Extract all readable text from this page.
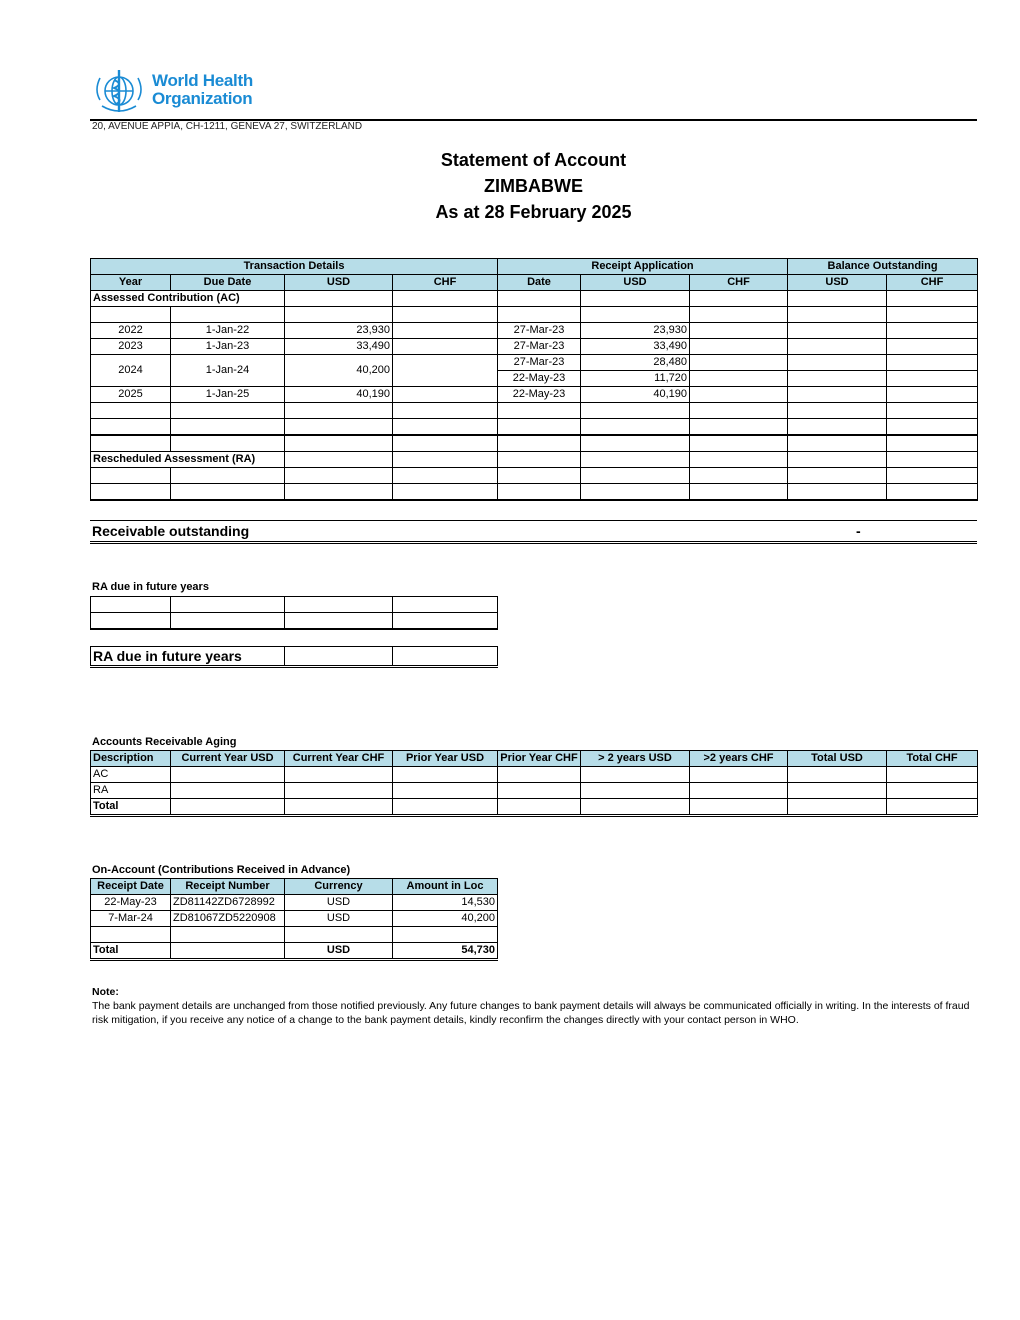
World Health
Organization
20, AVENUE APPIA, CH-1211, GENEVA 27, SWITZERLAND
Statement of Account
ZIMBABWE
As at 28 February 2025
Transaction Details				Receipt Application			Balance Outstanding	
Year	Due Date	USD	CHF	Date	USD	CHF	USD	CHF
Assessed Contribution (AC)								

2022	1-Jan-22	23,930		27-Mar-23	23,930			
2023	1-Jan-23	33,490		27-Mar-23	33,490			
2024	1-Jan-24	40,200		27-Mar-23	28,480			
				22-May-23	11,720			
2025	1-Jan-25	40,190		22-May-23	40,190			

Rescheduled Assessment (RA)								

Receivable outstanding	-
RA due in future years

RA due in future years		
Accounts Receivable Aging
Description	Current Year USD	Current Year CHF	Prior Year USD	Prior Year CHF	> 2 years USD	>2 years CHF	Total USD	Total CHF
AC								
RA								
Total								
On-Account (Contributions Received in Advance)
Receipt Date	Receipt Number	Currency	Amount in Loc
22-May-23	ZD81142ZD6728992	USD	14,530
7-Mar-24	ZD81067ZD5220908	USD	40,200

Total		USD	54,730
Note:
The bank payment details are unchanged from those notified previously. Any future changes to bank payment details will always be communicated officially in writing. In the interests of fraud risk mitigation, if you receive any notice of a change to the bank payment details, kindly reconfirm the changes directly with your contact person in WHO.
